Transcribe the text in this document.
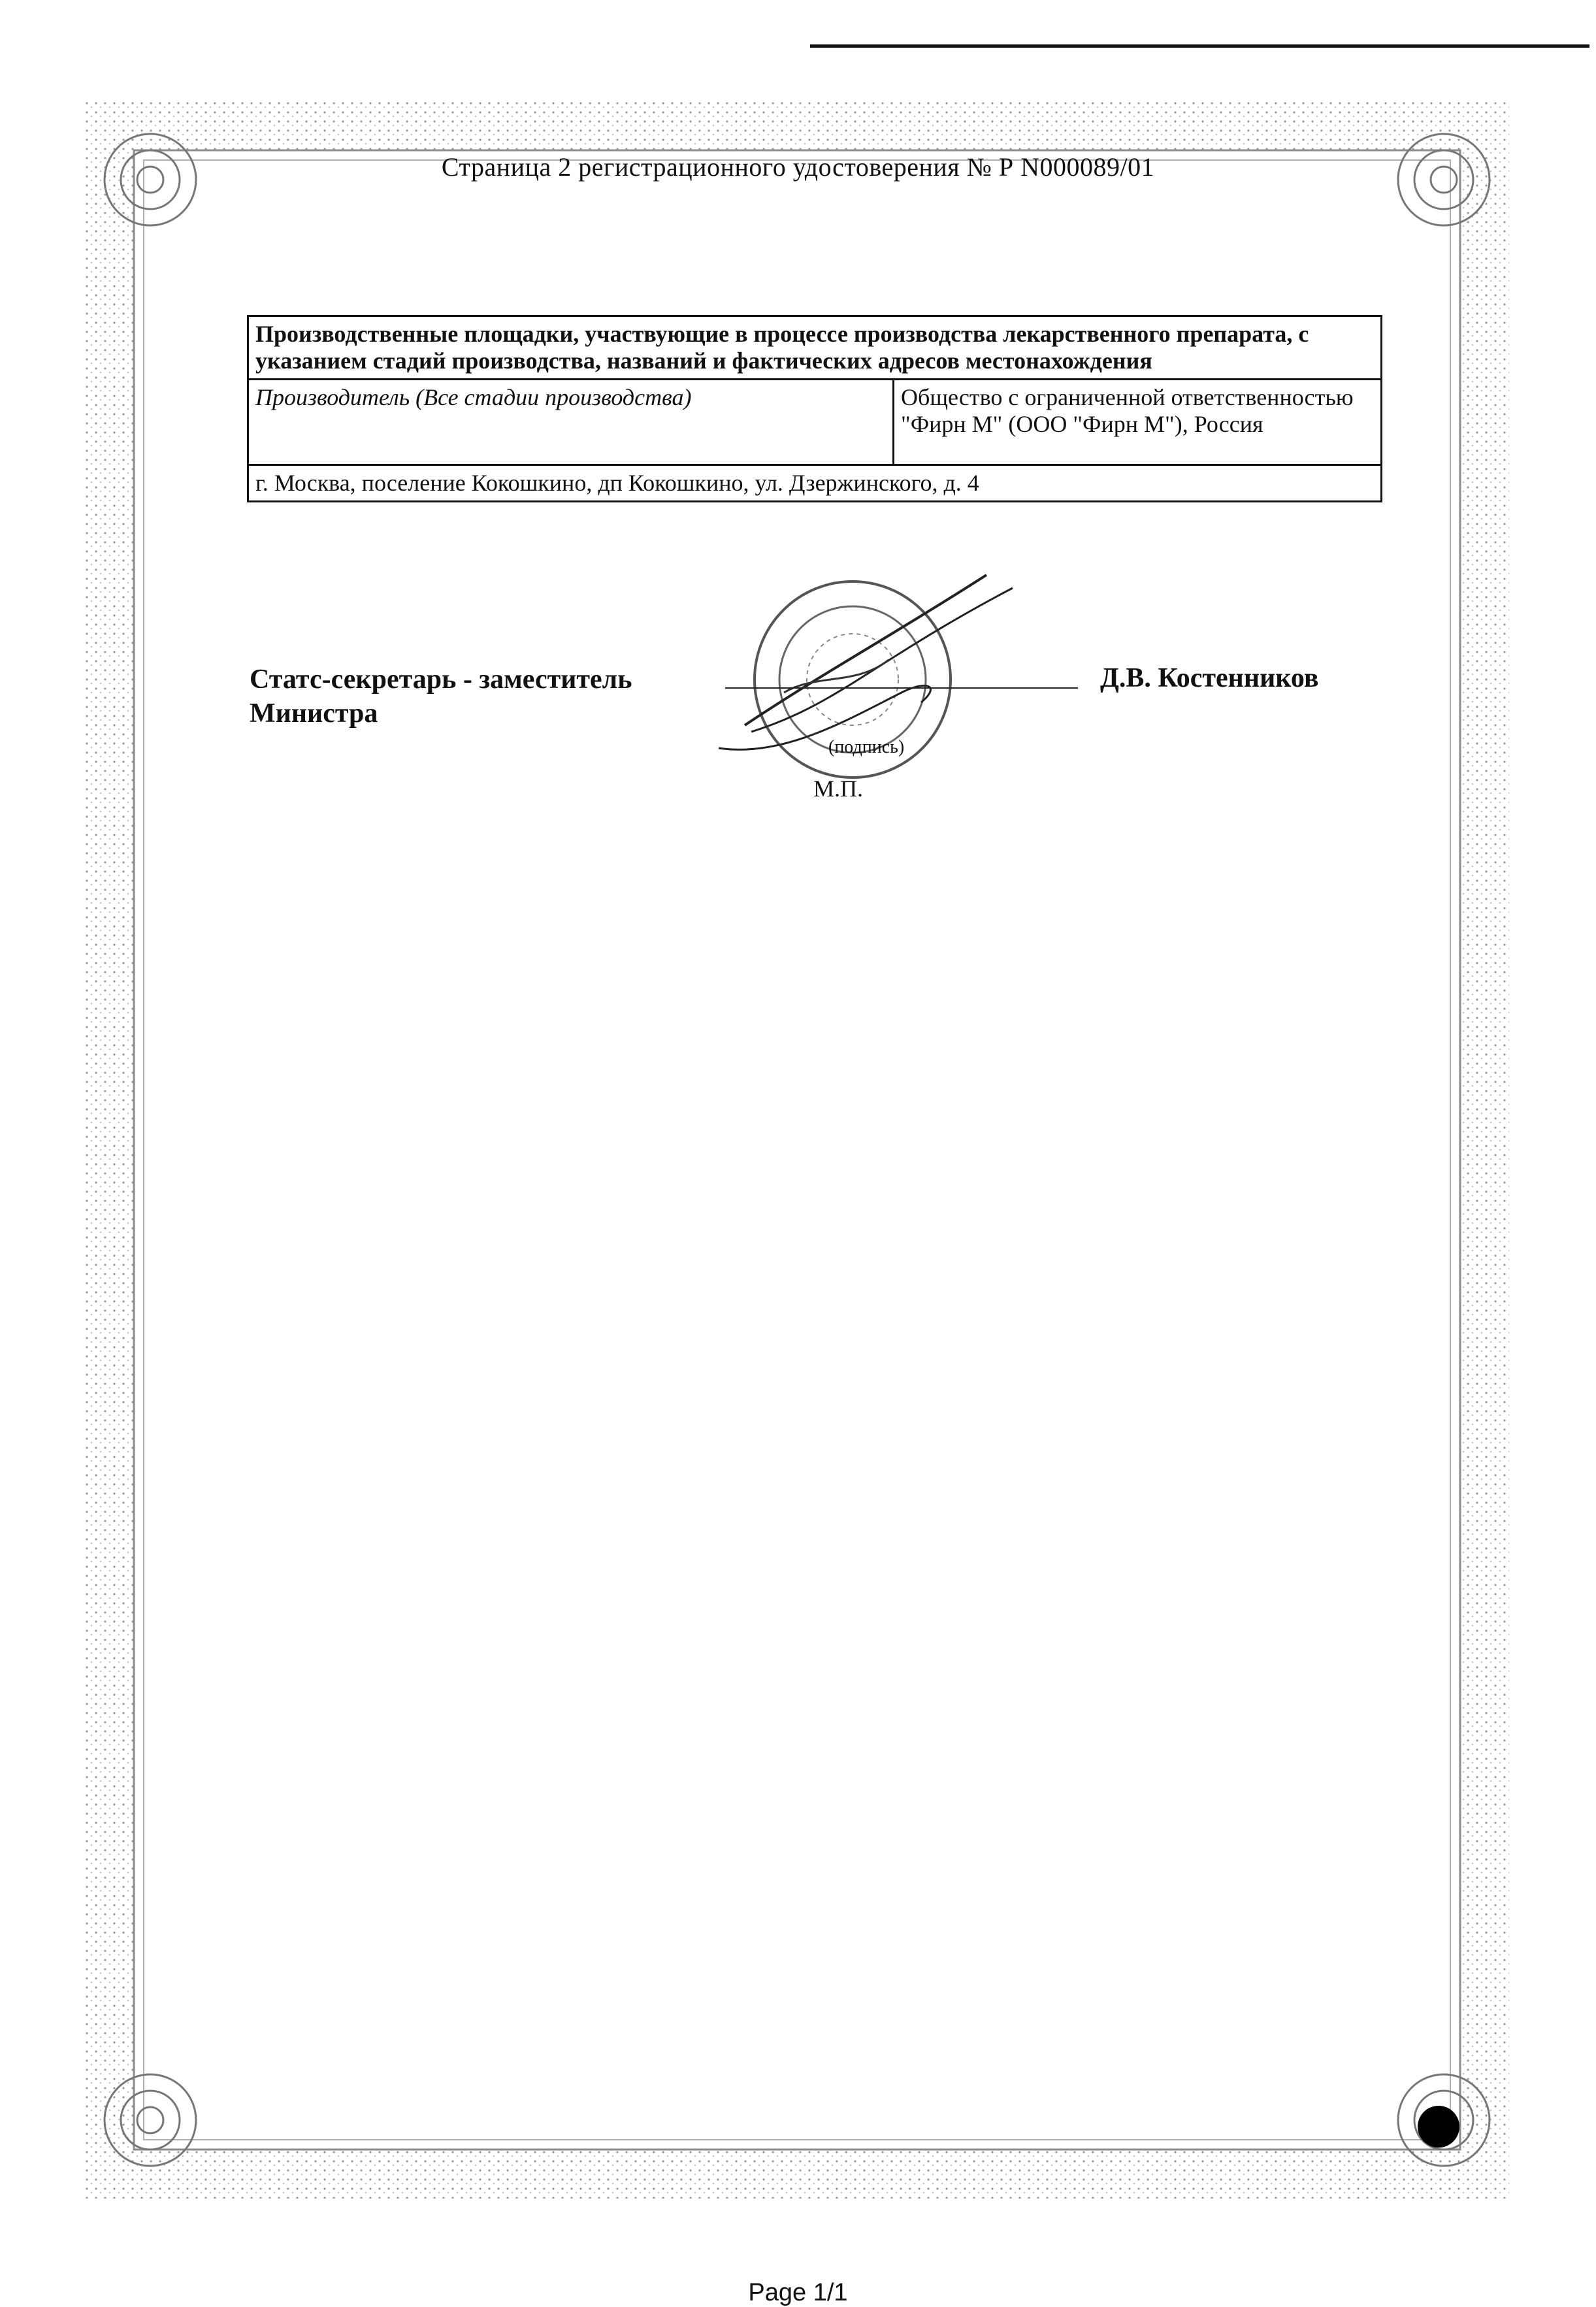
Страница 2 регистрационного удостоверения № Р N000089/01
Производственные площадки, участвующие в процессе производства лекарственного препарата, с указанием стадий производства, названий и фактических адресов местонахождения
Производитель (Все стадии производства)	Общество с ограниченной ответственностью "Фирн М" (ООО "Фирн М"), Россия
г. Москва, поселение Кокошкино, дп Кокошкино, ул. Дзержинского, д. 4
Статс-секретарь - заместитель
Министра
(подпись)
М.П.
Д.В. Костенников
Page 1/1
